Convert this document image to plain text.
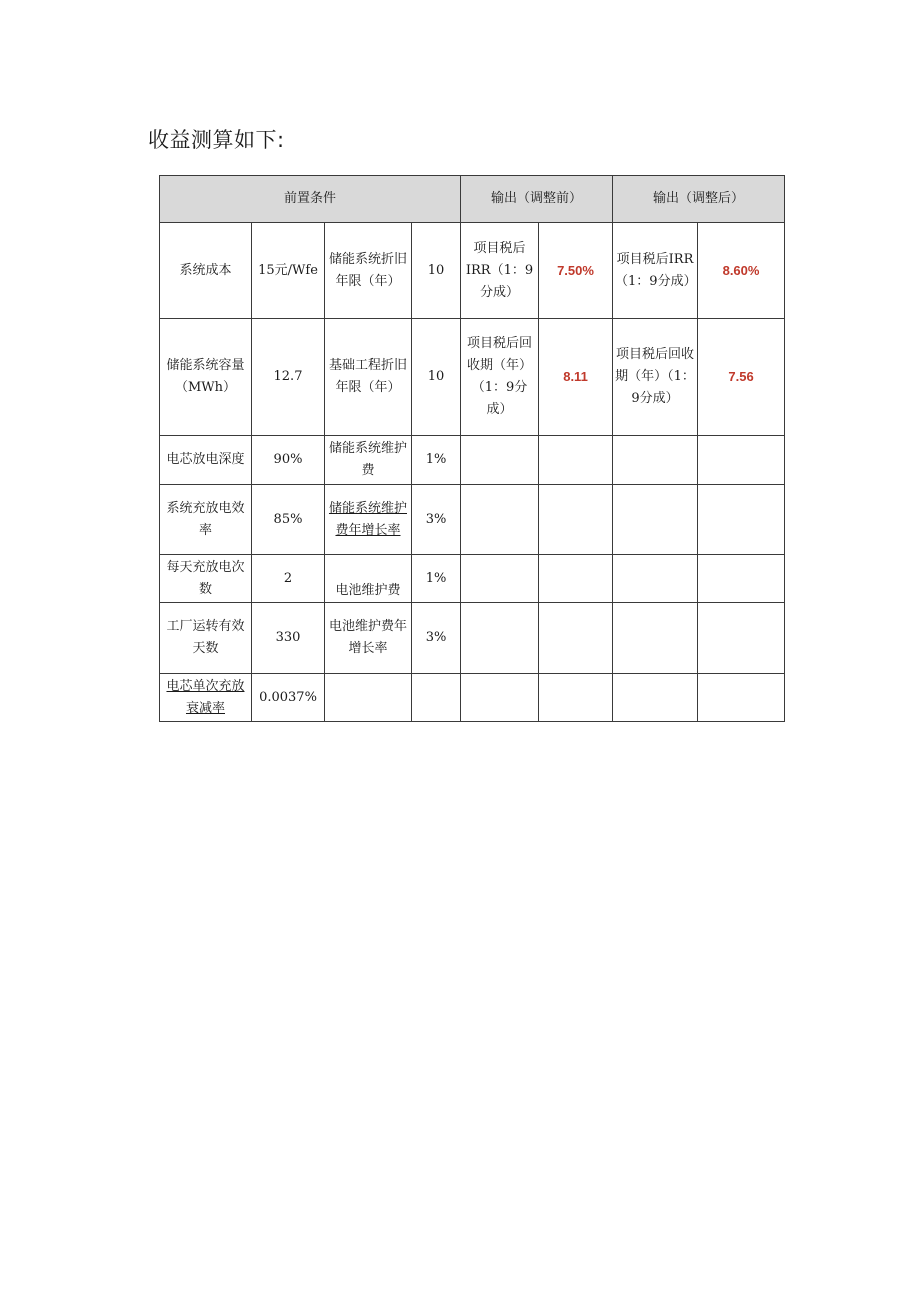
收益测算如下:
前置条件				输出（调整前）		输出（调整后）	
系统成本	15元/Wfe	储能系统折旧年限（年）	10	项目税后IRR（1：9分成）	7.50%	项目税后IRR（1：9分成）	8.60%
储能系统容量（MWh）	12.7	基础工程折旧年限（年）	10	项目税后回收期（年）（1：9分成）	8.11	项目税后回收期（年）（1：9分成）	7.56
电芯放电深度	90%	储能系统维护费	1%				
系统充放电效率	85%	储能系统维护费年增长率	3%				
每天充放电次数	2	电池维护费	1%				
工厂运转有效天数	330	电池维护费年增长率	3%				
电芯单次充放衰减率	0.0037%						
